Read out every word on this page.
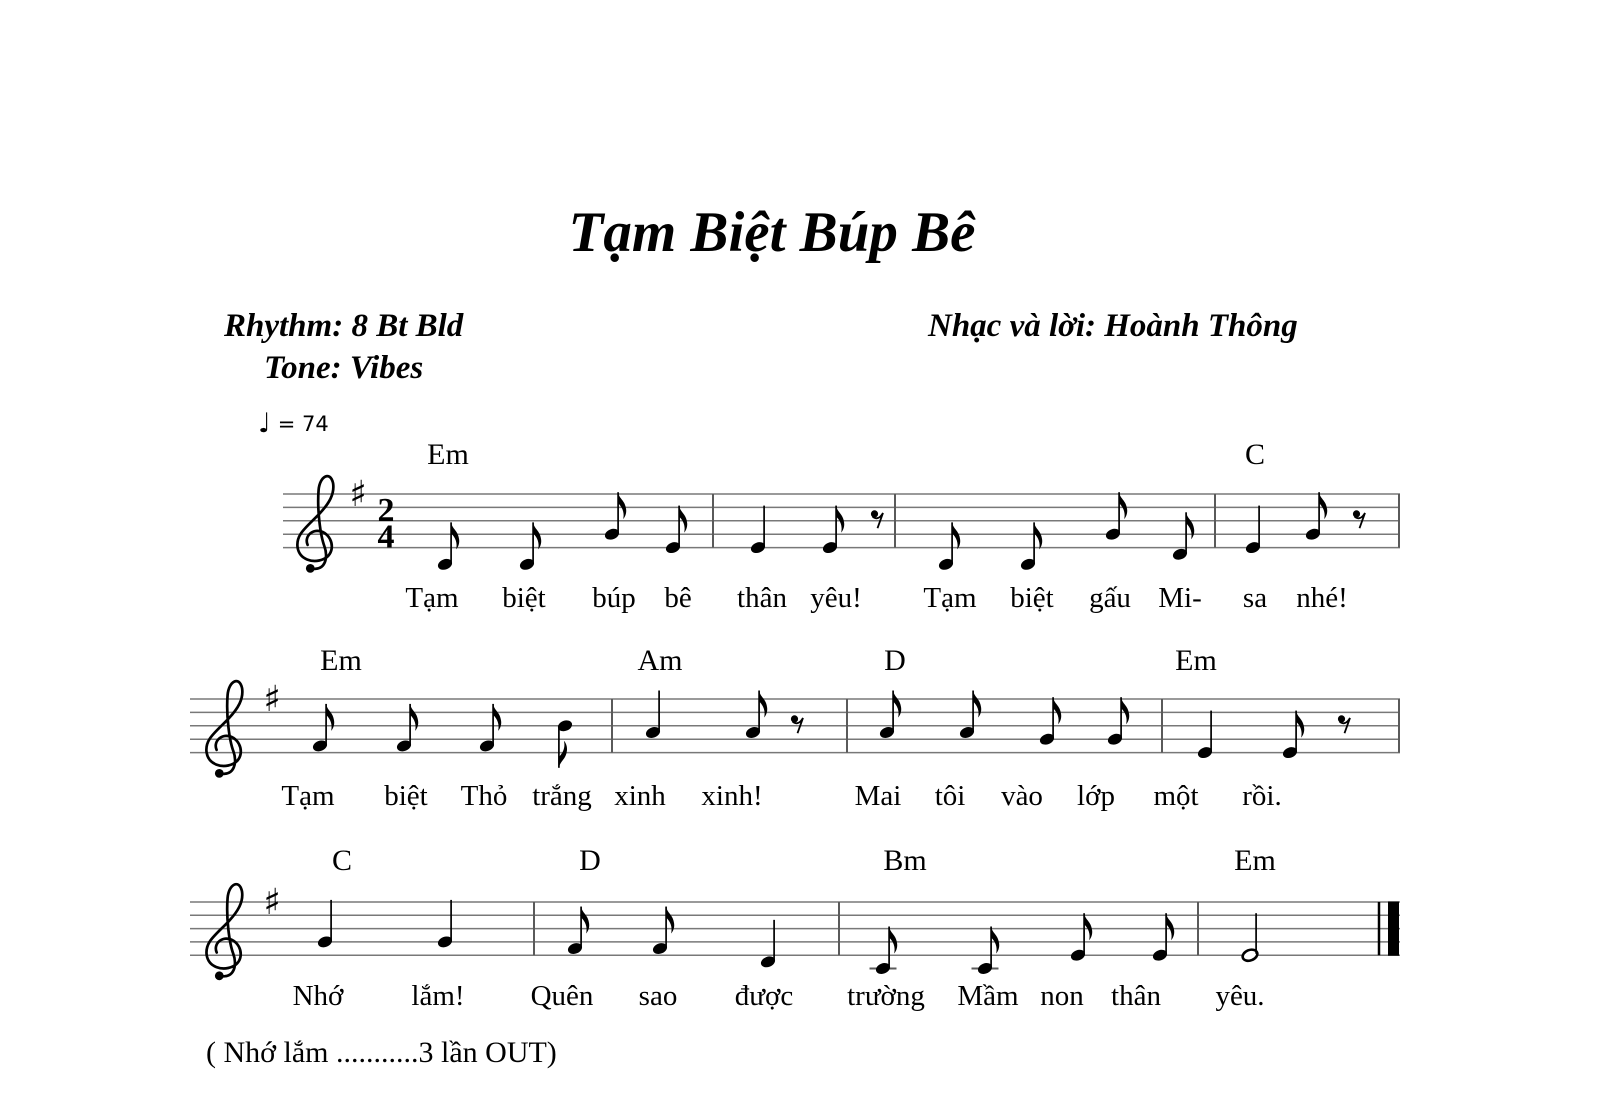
Tạm Biệt Búp Bê
Rhythm: 8 Bt Bld
Tone: Vibes
Nhạc và lời: Hoành Thông
♩ = 74
♯ 2
4
♯
♯
Em	C
Tạm biệt búp bê thân yêu! Tạm biệt gấu Mi- sa nhé!
Em	Am	D	Em
Tạm biệt Thỏ trắng xinh xinh!	Mai tôi vào lớp một rồi.
C	D	Bm	Em
Nhớ lắm! Quên sao được trường Mầm non thân yêu.
( Nhớ lắm ...........3 lần OUT)
